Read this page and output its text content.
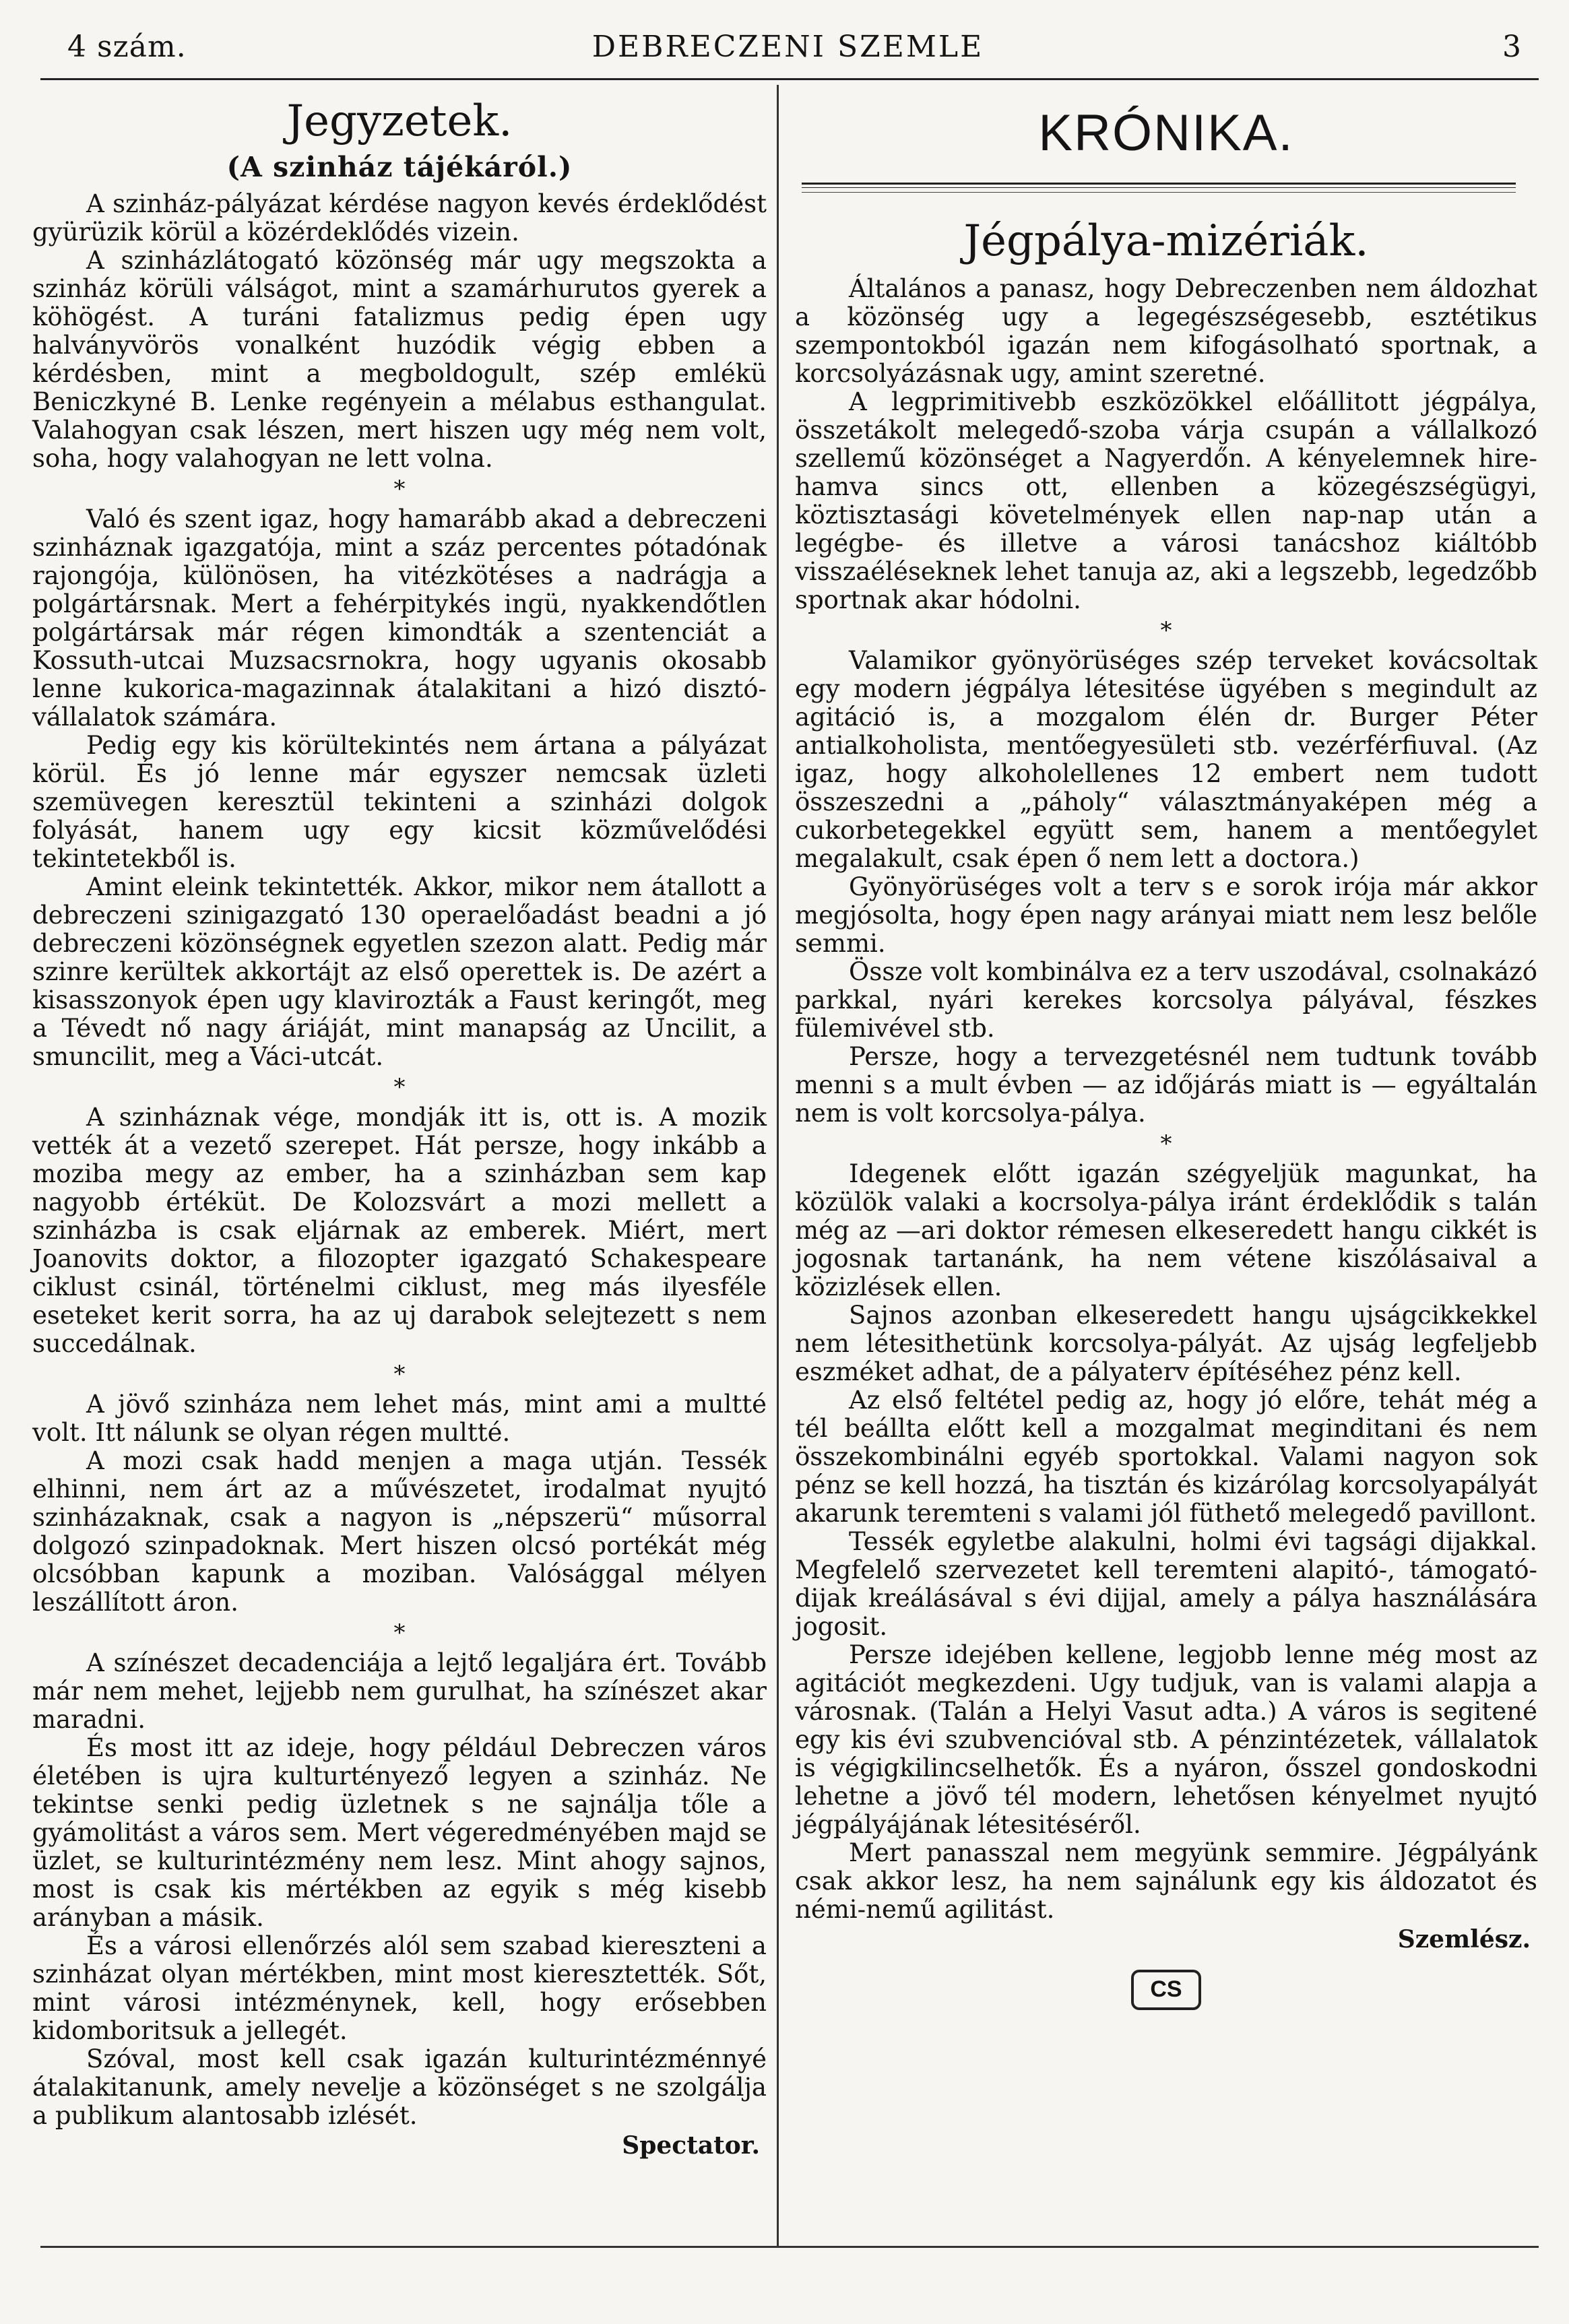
4 szám.	DEBRECZENI SZEMLE	3
Jegyzetek.
(A szinház tájékáról.)

A szinház-pályázat kérdése nagyon kevés érdeklődést gyürüzik körül a közérdeklődés vizein.

A szinházlátogató közönség már ugy megszokta a szinház körüli válságot, mint a szamárhurutos gyerek a köhögést. A turáni fatalizmus pedig épen ugy halványvörös vonalként huzódik végig ebben a kérdésben, mint a megboldogult, szép emlékü Beniczkyné B. Lenke regényein a mélabus esthangulat. Valahogyan csak lészen, mert hiszen ugy még nem volt, soha, hogy valahogyan ne lett volna.

*

Való és szent igaz, hogy hamarább akad a debreczeni szinháznak igazgatója, mint a száz percentes pótadónak rajongója, különösen, ha vitézkötéses a nadrágja a polgártársnak. Mert a fehérpitykés ingü, nyakkendőtlen polgártársak már régen kimondták a szentenciát a Kossuth-utcai Muzsacsrnokra, hogy ugyanis okosabb lenne kukorica-magazinnak átalakitani a hizó disztó-vállalatok számára.

Pedig egy kis körültekintés nem ártana a pályázat körül. És jó lenne már egyszer nemcsak üzleti szemüvegen keresztül tekinteni a szinházi dolgok folyását, hanem ugy egy kicsit közművelődési tekintetekből is.

Amint eleink tekintették. Akkor, mikor nem átallott a debreczeni szinigazgató 130 operaelőadást beadni a jó debreczeni közönségnek egyetlen szezon alatt. Pedig már szinre kerültek akkortájt az első operettek is. De azért a kisasszonyok épen ugy klavirozták a Faust keringőt, meg a Tévedt nő nagy áriáját, mint manapság az Uncilit, a smuncilit, meg a Váci-utcát.

*

A szinháznak vége, mondják itt is, ott is. A mozik vették át a vezető szerepet. Hát persze, hogy inkább a moziba megy az ember, ha a szinházban sem kap nagyobb értéküt. De Kolozsvárt a mozi mellett a szinházba is csak eljárnak az emberek. Miért, mert Joanovits doktor, a filozopter igazgató Schakespeare ciklust csinál, történelmi ciklust, meg más ilyesféle eseteket kerit sorra, ha az uj darabok selejtezett s nem succedálnak.

*

A jövő szinháza nem lehet más, mint ami a multté volt. Itt nálunk se olyan régen multté.

A mozi csak hadd menjen a maga utján. Tessék elhinni, nem árt az a művészetet, irodalmat nyujtó szinházaknak, csak a nagyon is „népszerü“ műsorral dolgozó szinpadoknak. Mert hiszen olcsó portékát még olcsóbban kapunk a moziban. Valósággal mélyen leszállított áron.

*

A színészet decadenciája a lejtő legaljára ért. Tovább már nem mehet, lejjebb nem gurulhat, ha színészet akar maradni.

És most itt az ideje, hogy például Debreczen város életében is ujra kulturtényező legyen a szinház. Ne tekintse senki pedig üzletnek s ne sajnálja tőle a gyámolitást a város sem. Mert végeredményében majd se üzlet, se kulturintézmény nem lesz. Mint ahogy sajnos, most is csak kis mértékben az egyik s még kisebb arányban a másik.

És a városi ellenőrzés alól sem szabad kiereszteni a szinházat olyan mértékben, mint most kieresztették. Sőt, mint városi intézménynek, kell, hogy erősebben kidomboritsuk a jellegét.

Szóval, most kell csak igazán kulturintézménnyé átalakitanunk, amely nevelje a közönséget s ne szolgálja a publikum alantosabb izlését.

Spectator.
KRÓNIKA.
Jégpálya-mizériák.

Általános a panasz, hogy Debreczenben nem áldozhat a közönség ugy a legegészségesebb, esztétikus szempontokból igazán nem kifogásolható sportnak, a korcsolyázásnak ugy, amint szeretné.

A legprimitivebb eszközökkel előállitott jégpálya, összetákolt melegedő-szoba várja csupán a vállalkozó szellemű közönséget a Nagyerdőn. A kényelemnek hire-hamva sincs ott, ellenben a közegészségügyi, köztisztasági követelmények ellen nap-nap után a legégbe- és illetve a városi tanácshoz kiáltóbb visszaéléseknek lehet tanuja az, aki a legszebb, legedzőbb sportnak akar hódolni.

*

Valamikor gyönyörüséges szép terveket kovácsoltak egy modern jégpálya létesitése ügyében s megindult az agitáció is, a mozgalom élén dr. Burger Péter antialkoholista, mentőegyesületi stb. vezérférfiuval. (Az igaz, hogy alkoholellenes 12 embert nem tudott összeszedni a „páholy“ választmányaképen még a cukorbetegekkel együtt sem, hanem a mentőegylet megalakult, csak épen ő nem lett a doctora.)

Gyönyörüséges volt a terv s e sorok irója már akkor megjósolta, hogy épen nagy arányai miatt nem lesz belőle semmi.

Össze volt kombinálva ez a terv uszodával, csolnakázó parkkal, nyári kerekes korcsolya pályával, fészkes fülemivével stb.

Persze, hogy a tervezgetésnél nem tudtunk tovább menni s a mult évben — az időjárás miatt is — egyáltalán nem is volt korcsolya-pálya.

*

Idegenek előtt igazán szégyeljük magunkat, ha közülök valaki a kocrsolya-pálya iránt érdeklődik s talán még az —ari doktor rémesen elkeseredett hangu cikkét is jogosnak tartanánk, ha nem vétene kiszólásaival a közizlések ellen.

Sajnos azonban elkeseredett hangu ujságcikkekkel nem létesithetünk korcsolya-pályát. Az ujság legfeljebb eszméket adhat, de a pályaterv építéséhez pénz kell.

Az első feltétel pedig az, hogy jó előre, tehát még a tél beállta előtt kell a mozgalmat meginditani és nem összekombinálni egyéb sportokkal. Valami nagyon sok pénz se kell hozzá, ha tisztán és kizárólag korcsolyapályát akarunk teremteni s valami jól füthető melegedő pavillont.

Tessék egyletbe alakulni, holmi évi tagsági dijakkal. Megfelelő szervezetet kell teremteni alapitó-, támogató-dijak kreálásával s évi dijjal, amely a pálya használására jogosit.

Persze idejében kellene, legjobb lenne még most az agitációt megkezdeni. Ugy tudjuk, van is valami alapja a városnak. (Talán a Helyi Vasut adta.) A város is segitené egy kis évi szubvencióval stb. A pénzintézetek, vállalatok is végigkilincselhetők. És a nyáron, ősszel gondoskodni lehetne a jövő tél modern, lehetősen kényelmet nyujtó jégpályájának létesitéséről.

Mert panasszal nem megyünk semmire. Jégpályánk csak akkor lesz, ha nem sajnálunk egy kis áldozatot és némi-nemű agilitást.

Szemlész.
CS
